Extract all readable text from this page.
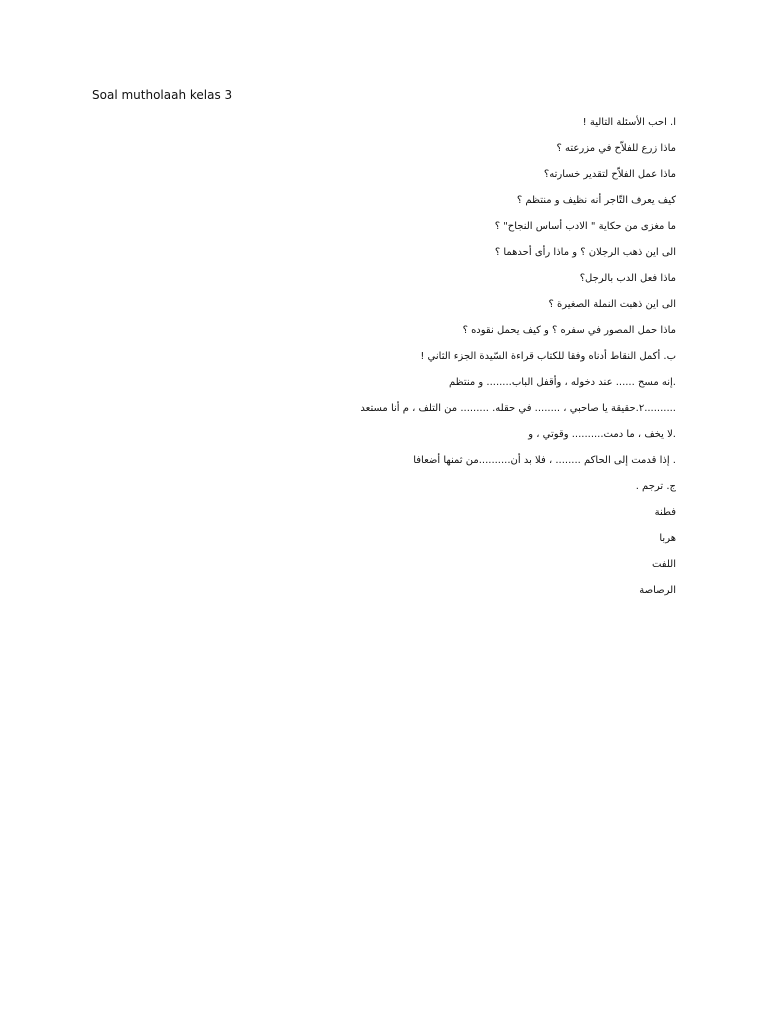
Soal mutholaah kelas 3
ا. احب الأسئلة التالية !
ماذا زرع للفلاّح في مزرعته ؟
ماذا عمل الفلاّح لتقدير خسارته؟
كيف يعرف التّاجر أنه نظيف و منتظم ؟
ما مغزى من حكاية " الادب أساس النجاح" ؟
الى اين ذهب الرجلان ؟ و ماذا رأى أحدهما ؟
ماذا فعل الدب بالرجل؟
الى اين ذهبت النملة الصغيرة ؟
ماذا حمل المصور في سفره ؟ و كيف يحمل نقوده ؟
ب. أكمل النقاط أدناه وفقا للكتاب قراءة السّيدة الجزء الثاني !
.إنه مسح ...... عند دخوله ، وأقفل الباب........ و منتظم
..........٢.حقيقة يا صاحبي ، ........ في حقله. ......... من التلف ، م أنا مستعد
.لا يخف ، ما دمت.......... وقوتي ، و
. إذا قدمت إلى الحاكم ........ ، فلا بد أن..........من ثمنها أضعافا
ج. ترجم .
فطنة
هربا
اللفت
الرصاصة
